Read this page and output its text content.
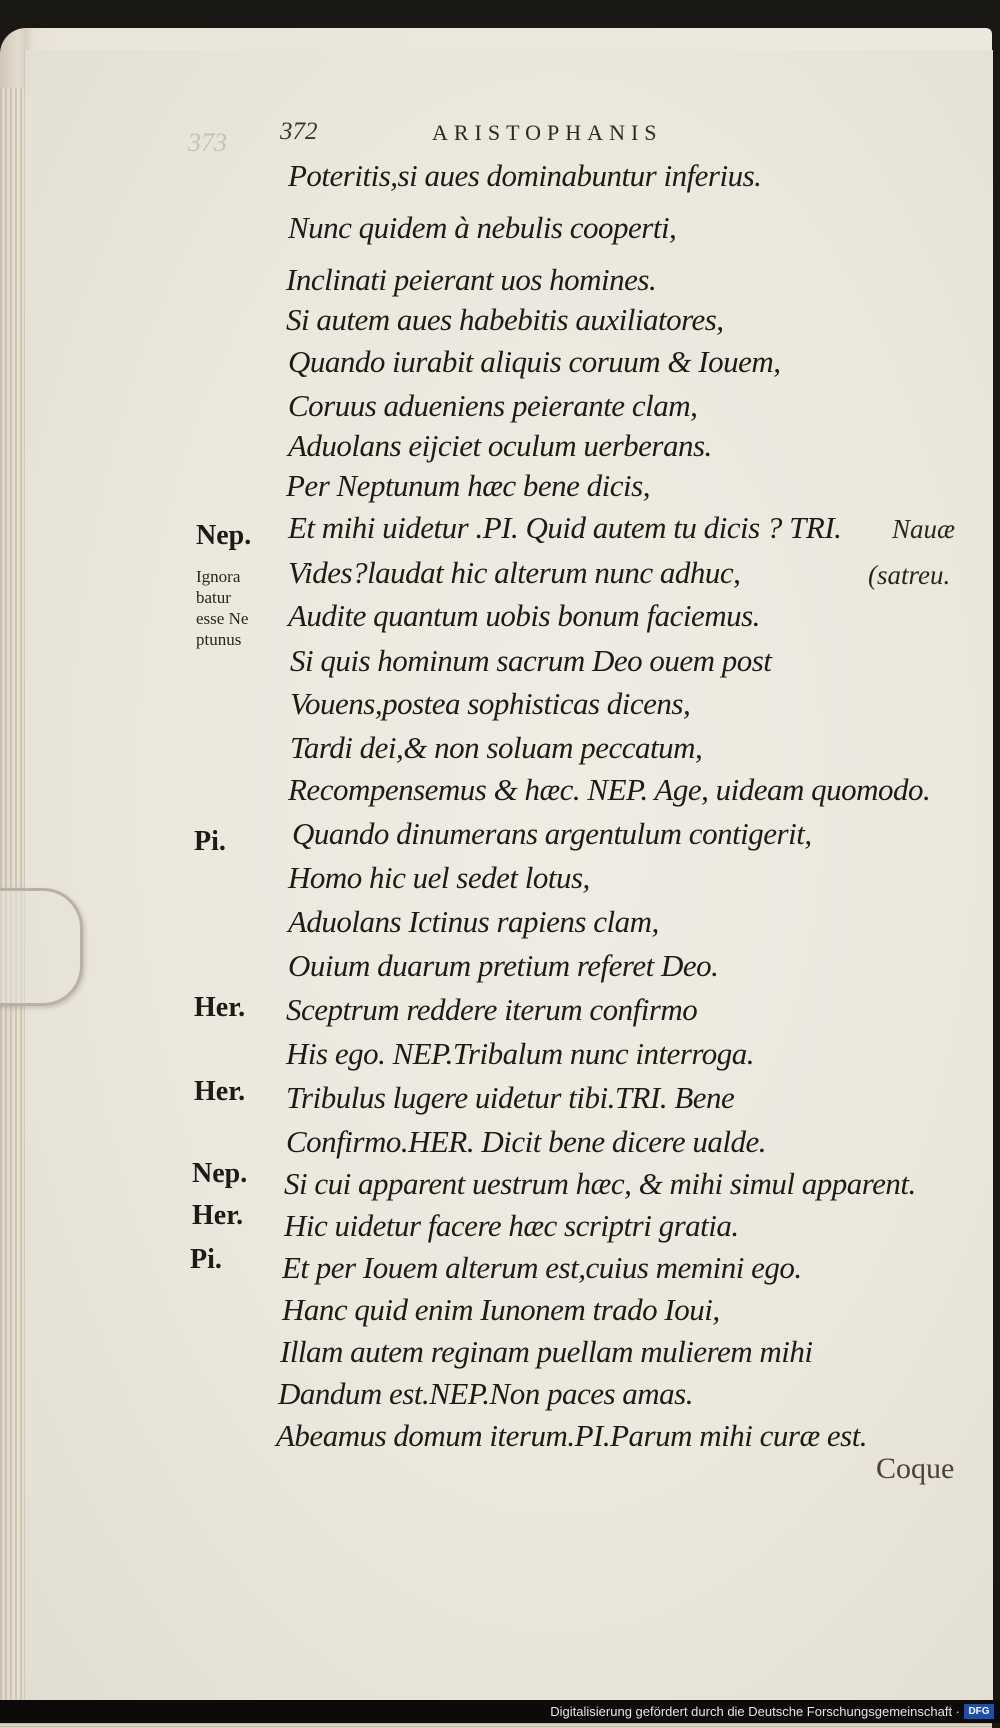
373 372	ARISTOPHANIS
Poteritis,si aues dominabuntur inferius.
Nunc quidem à nebulis cooperti,
Inclinati peierant uos homines.
Si autem aues habebitis auxiliatores,
Quando iurabit aliquis coruum & Iouem,
Coruus adueniens peierante clam,
Aduolans eijciet oculum uerberans.
Per Neptunum hæc bene dicis,
Et mihi uidetur .PI. Quid autem tu dicis ? TRI.
Vides?laudat hic alterum nunc adhuc,
Audite quantum uobis bonum faciemus.
Si quis hominum sacrum Deo ouem post
Vouens,postea sophisticas dicens,
Tardi dei,& non soluam peccatum,
Recompensemus & hæc. NEP. Age, uideam quomodo.
Quando dinumerans argentulum contigerit,
Homo hic uel sedet lotus,
Aduolans Ictinus rapiens clam,
Ouium duarum pretium referet Deo.
Sceptrum reddere iterum confirmo
His ego. NEP.Tribalum nunc interroga.
Tribulus lugere uidetur tibi.TRI. Bene
Confirmo.HER. Dicit bene dicere ualde.
Si cui apparent uestrum hæc, & mihi simul apparent.
Hic uidetur facere hæc scriptri gratia.
Et per Iouem alterum est,cuius memini ego.
Hanc quid enim Iunonem trado Ioui,
Illam autem reginam puellam mulierem mihi
Dandum est.NEP.Non paces amas.
Abeamus domum iterum.PI.Parum mihi curæ est.
Nep.
Pi.
Her.
Her.
Nep.
Her.
Pi.
Ignora
batur
esse Ne
ptunus
Nauæ
(satreu.
Coque
Digitalisierung gefördert durch die Deutsche Forschungsgemeinschaft · DFG
